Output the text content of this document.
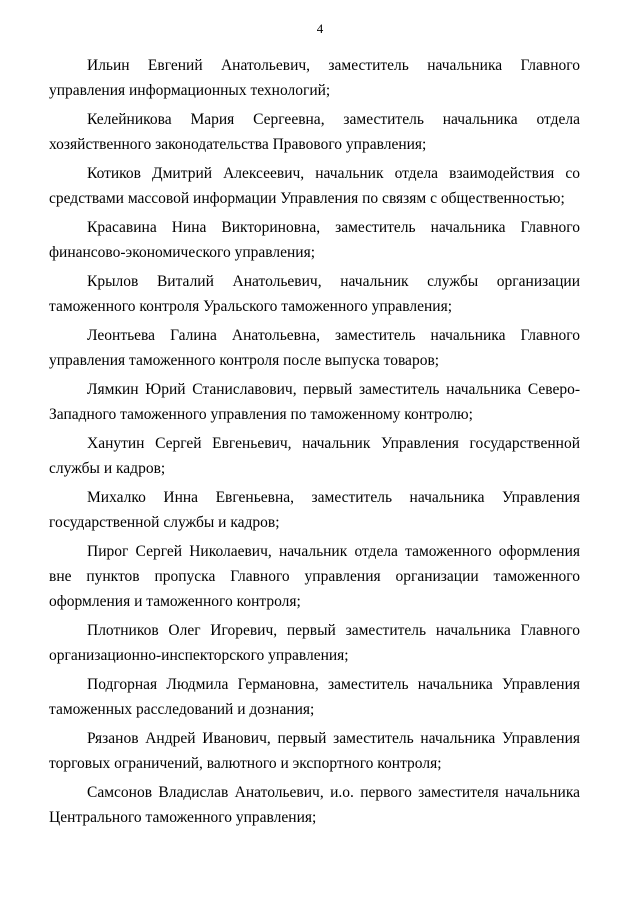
4

Ильин Евгений Анатольевич, заместитель начальника Главного управления информационных технологий;

Келейникова Мария Сергеевна, заместитель начальника отдела хозяйственного законодательства Правового управления;

Котиков Дмитрий Алексеевич, начальник отдела взаимодействия со средствами массовой информации Управления по связям с общественностью;

Красавина Нина Викториновна, заместитель начальника Главного финансово-экономического управления;

Крылов Виталий Анатольевич, начальник службы организации таможенного контроля Уральского таможенного управления;

Леонтьева Галина Анатольевна, заместитель начальника Главного управления таможенного контроля после выпуска товаров;

Лямкин Юрий Станиславович, первый заместитель начальника Северо-Западного таможенного управления по таможенному контролю;

Ханутин Сергей Евгеньевич, начальник Управления государственной службы и кадров;

Михалко Инна Евгеньевна, заместитель начальника Управления государственной службы и кадров;

Пирог Сергей Николаевич, начальник отдела таможенного оформления вне пунктов пропуска Главного управления организации таможенного оформления и таможенного контроля;

Плотников Олег Игоревич, первый заместитель начальника Главного организационно-инспекторского управления;

Подгорная Людмила Германовна, заместитель начальника Управления таможенных расследований и дознания;

Рязанов Андрей Иванович, первый заместитель начальника Управления торговых ограничений, валютного и экспортного контроля;

Самсонов Владислав Анатольевич, и.о. первого заместителя начальника Центрального таможенного управления;
